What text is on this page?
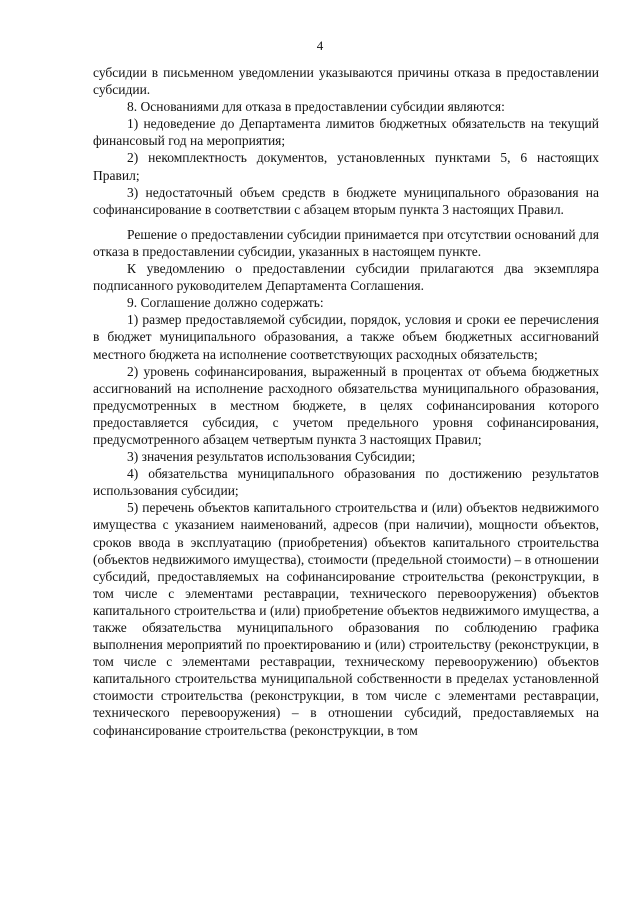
4

субсидии в письменном уведомлении указываются причины отказа в предоставлении субсидии.

8. Основаниями для отказа в предоставлении субсидии являются:

1) недоведение до Департамента лимитов бюджетных обязательств на текущий финансовый год на мероприятия;

2) некомплектность документов, установленных пунктами 5, 6 настоящих Правил;

3) недостаточный объем средств в бюджете муниципального образования на софинансирование в соответствии с абзацем вторым пункта 3 настоящих Правил.

Решение о предоставлении субсидии принимается при отсутствии оснований для отказа в предоставлении субсидии, указанных в настоящем пункте.

К уведомлению о предоставлении субсидии прилагаются два экземпляра подписанного руководителем Департамента Соглашения.

9. Соглашение должно содержать:

1) размер предоставляемой субсидии, порядок, условия и сроки ее перечисления в бюджет муниципального образования, а также объем бюджетных ассигнований местного бюджета на исполнение соответствующих расходных обязательств;

2) уровень софинансирования, выраженный в процентах от объема бюджетных ассигнований на исполнение расходного обязательства муниципального образования, предусмотренных в местном бюджете, в целях софинансирования которого предоставляется субсидия, с учетом предельного уровня софинансирования, предусмотренного абзацем четвертым пункта 3 настоящих Правил;

3) значения результатов использования Субсидии;

4) обязательства муниципального образования по достижению результатов использования субсидии;

5) перечень объектов капитального строительства и (или) объектов недвижимого имущества с указанием наименований, адресов (при наличии), мощности объектов, сроков ввода в эксплуатацию (приобретения) объектов капитального строительства (объектов недвижимого имущества), стоимости (предельной стоимости) – в отношении субсидий, предоставляемых на софинансирование строительства (реконструкции, в том числе с элементами реставрации, технического перевооружения) объектов капитального строительства и (или) приобретение объектов недвижимого имущества, а также обязательства муниципального образования по соблюдению графика выполнения мероприятий по проектированию и (или) строительству (реконструкции, в том числе с элементами реставрации, техническому перевооружению) объектов капитального строительства муниципальной собственности в пределах установленной стоимости строительства (реконструкции, в том числе с элементами реставрации, технического перевооружения) – в отношении субсидий, предоставляемых на софинансирование строительства (реконструкции, в том
